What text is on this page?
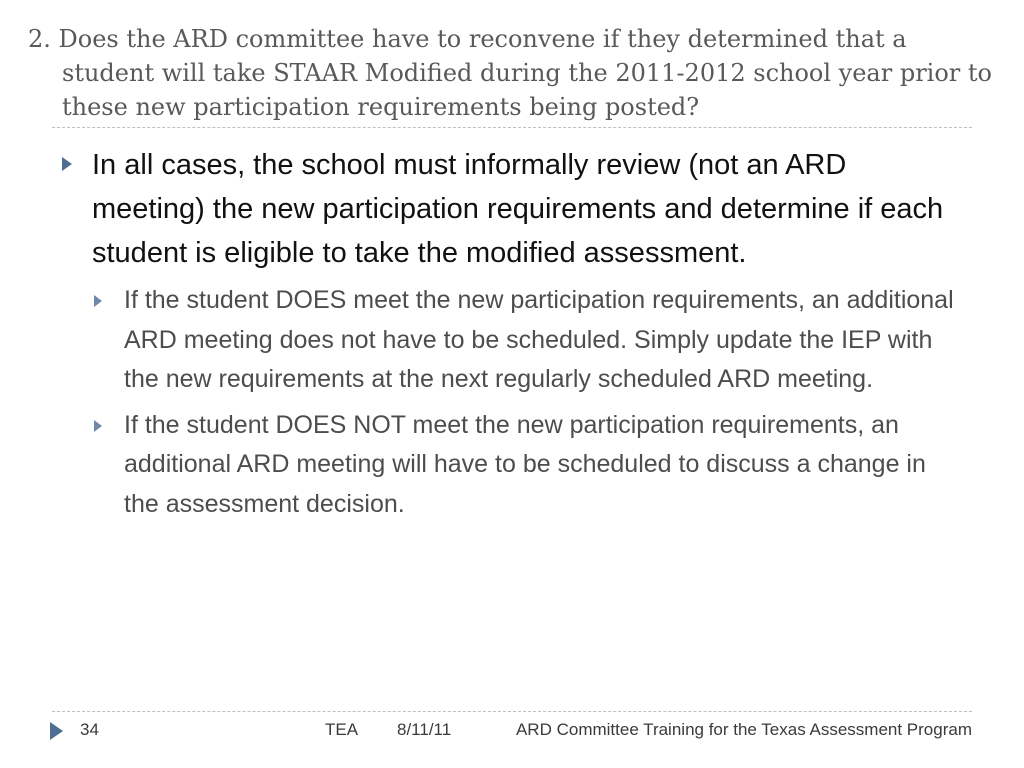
2. Does the ARD committee have to reconvene if they determined that a student will take STAAR Modified during the 2011-2012 school year prior to these new participation requirements being posted?
In all cases, the school must informally review (not an ARD meeting) the new participation requirements and determine if each student is eligible to take the modified assessment.
If the student DOES meet the new participation requirements, an additional ARD meeting does not have to be scheduled. Simply update the IEP with the new requirements at the next regularly scheduled ARD meeting.
If the student DOES NOT meet the new participation requirements, an additional ARD meeting will have to be scheduled to discuss a change in the assessment decision.
34	TEA 8/11/11	ARD Committee Training for the Texas Assessment Program
